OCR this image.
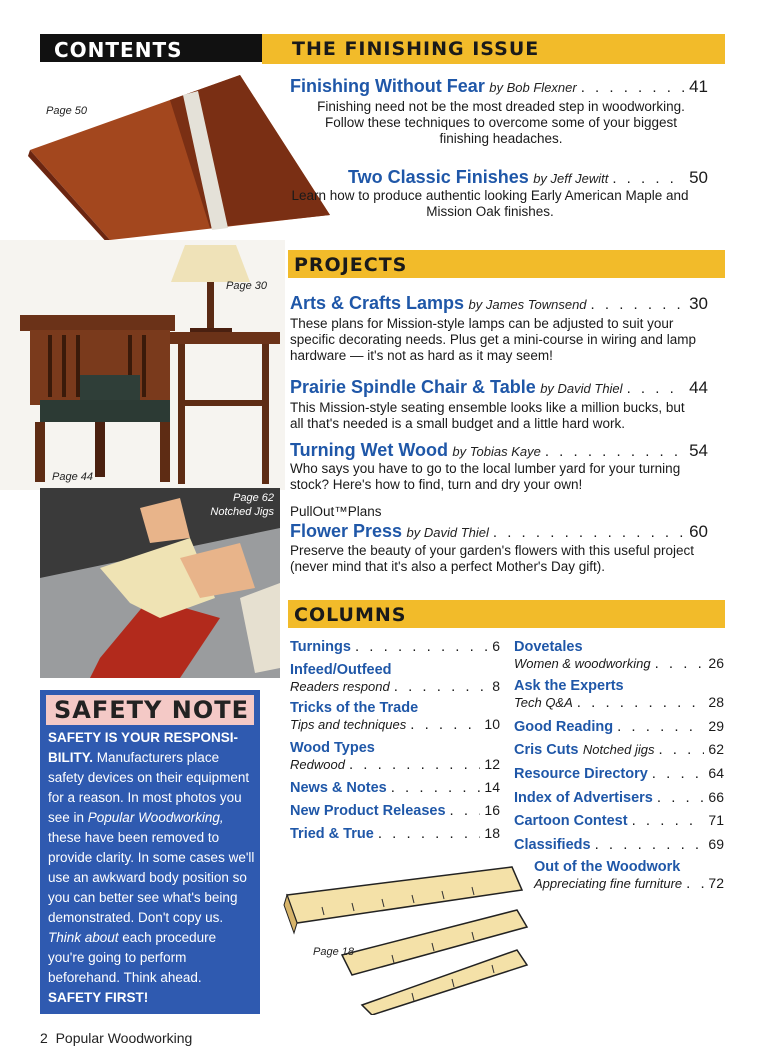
CONTENTS	THE FINISHING ISSUE
Page 50
Finishing Without Fear
by Bob Flexner . . .	41
Finishing need not be the most dreaded step in woodworking. Follow these techniques to overcome some of your biggest finishing headaches.
Two Classic Finishes
by Jeff Jewitt . . .	50
Learn how to produce authentic looking Early American Maple and Mission Oak finishes.
PROJECTS
Page 30
Page 44
Arts & Crafts Lamps
by James Townsend . . .	30
These plans for Mission-style lamps can be adjusted to suit your specific decorating needs. Plus get a mini-course in wiring and lamp hardware — it's not as hard as it may seem!
Prairie Spindle Chair & Table
by David Thiel . . .	44
This Mission-style seating ensemble looks like a million bucks, but all that's needed is a small budget and a little hard work.
Turning Wet Wood
by Tobias Kaye . . .	54
Who says you have to go to the local lumber yard for your turning stock? Here's how to find, turn and dry your own!
PullOut™Plans
Flower Press
by David Thiel . . .	60
Preserve the beauty of your garden's flowers with this useful project (never mind that it's also a perfect Mother's Day gift).
Page 62
Notched Jigs
COLUMNS
Turnings . . .	6
Infeed/Outfeed
Readers respond . . .	8
Tricks of the Trade
Tips and techniques . . .	10
Wood Types
Redwood . . .	12
News & Notes . . .	14
New Product Releases . . .	16
Tried & True . . .	18
Dovetales
Women & woodworking . . .	26
Ask the Experts
Tech Q&A . . .	28
Good Reading . . .	29
Cris Cuts
Notched jigs . . .	62
Resource Directory . . .	64
Index of Advertisers . . .	66
Cartoon Contest . . .	71
Classifieds . . .	69
Out of the Woodwork
Appreciating fine furniture . . . 72
Page 18
SAFETY NOTE
SAFETY IS YOUR RESPONSI-BILITY. Manufacturers place safety devices on their equipment for a reason. In most photos you see in Popular Woodworking, these have been removed to provide clarity. In some cases we'll use an awkward body position so you can better see what's being demonstrated. Don't copy us. Think about each procedure you're going to perform beforehand. Think ahead. SAFETY FIRST!
2 Popular Woodworking
